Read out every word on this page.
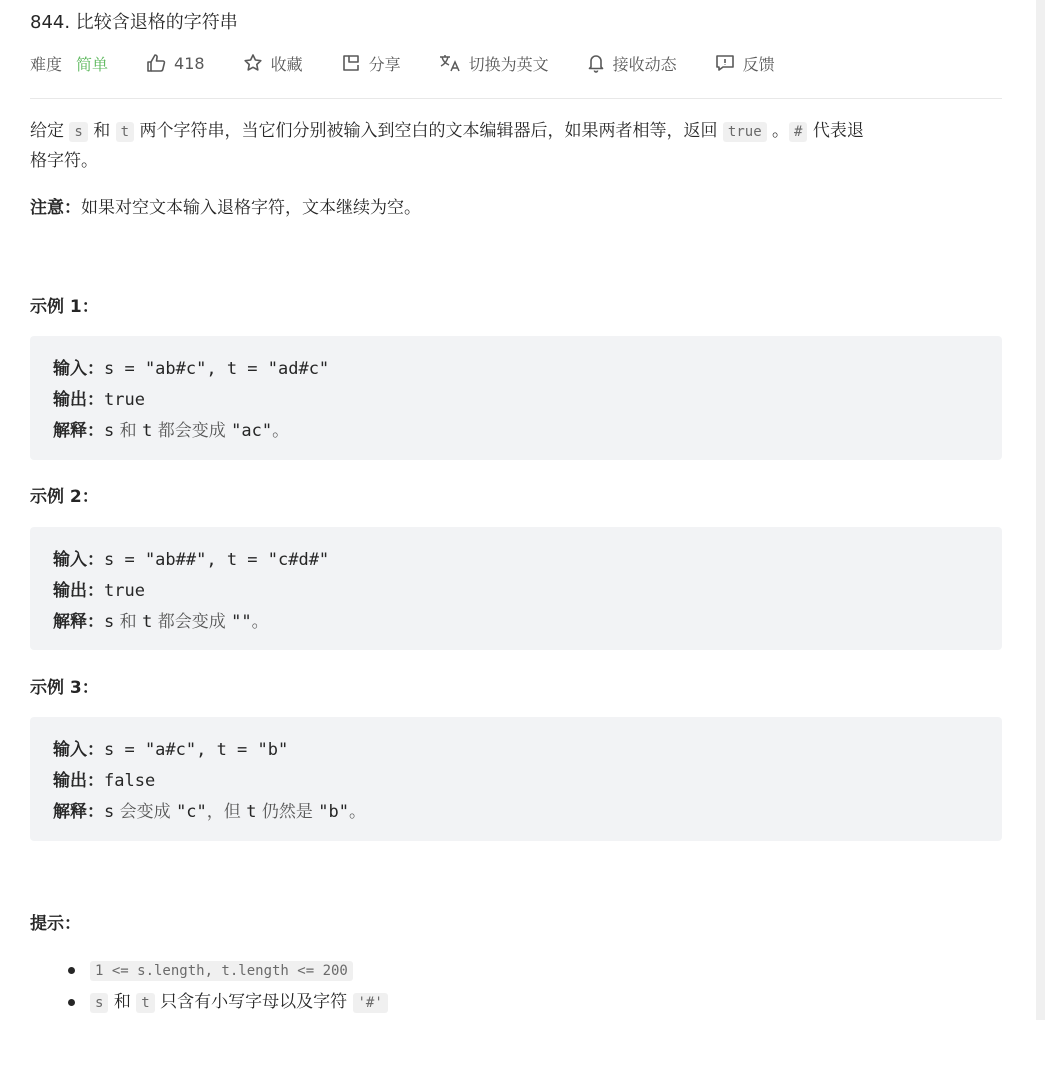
844. 比较含退格的字符串
难度 简单	418	收藏	分享	切换为英文	接收动态	反馈
给定 s 和 t 两个字符串，当它们分别被输入到空白的文本编辑器后，如果两者相等，返回 true 。 # 代表退
格字符。
注意：如果对空文本输入退格字符，文本继续为空。
示例 1：
输入：s = "ab#c", t = "ad#c"
输出：true
解释：s 和 t 都会变成 "ac"。
示例 2：
输入：s = "ab##", t = "c#d#"
输出：true
解释：s 和 t 都会变成 ""。
示例 3：
输入：s = "a#c", t = "b"
输出：false
解释：s 会变成 "c"，但 t 仍然是 "b"。
提示：
1 <= s.length, t.length <= 200
s 和 t 只含有小写字母以及字符 '#'
